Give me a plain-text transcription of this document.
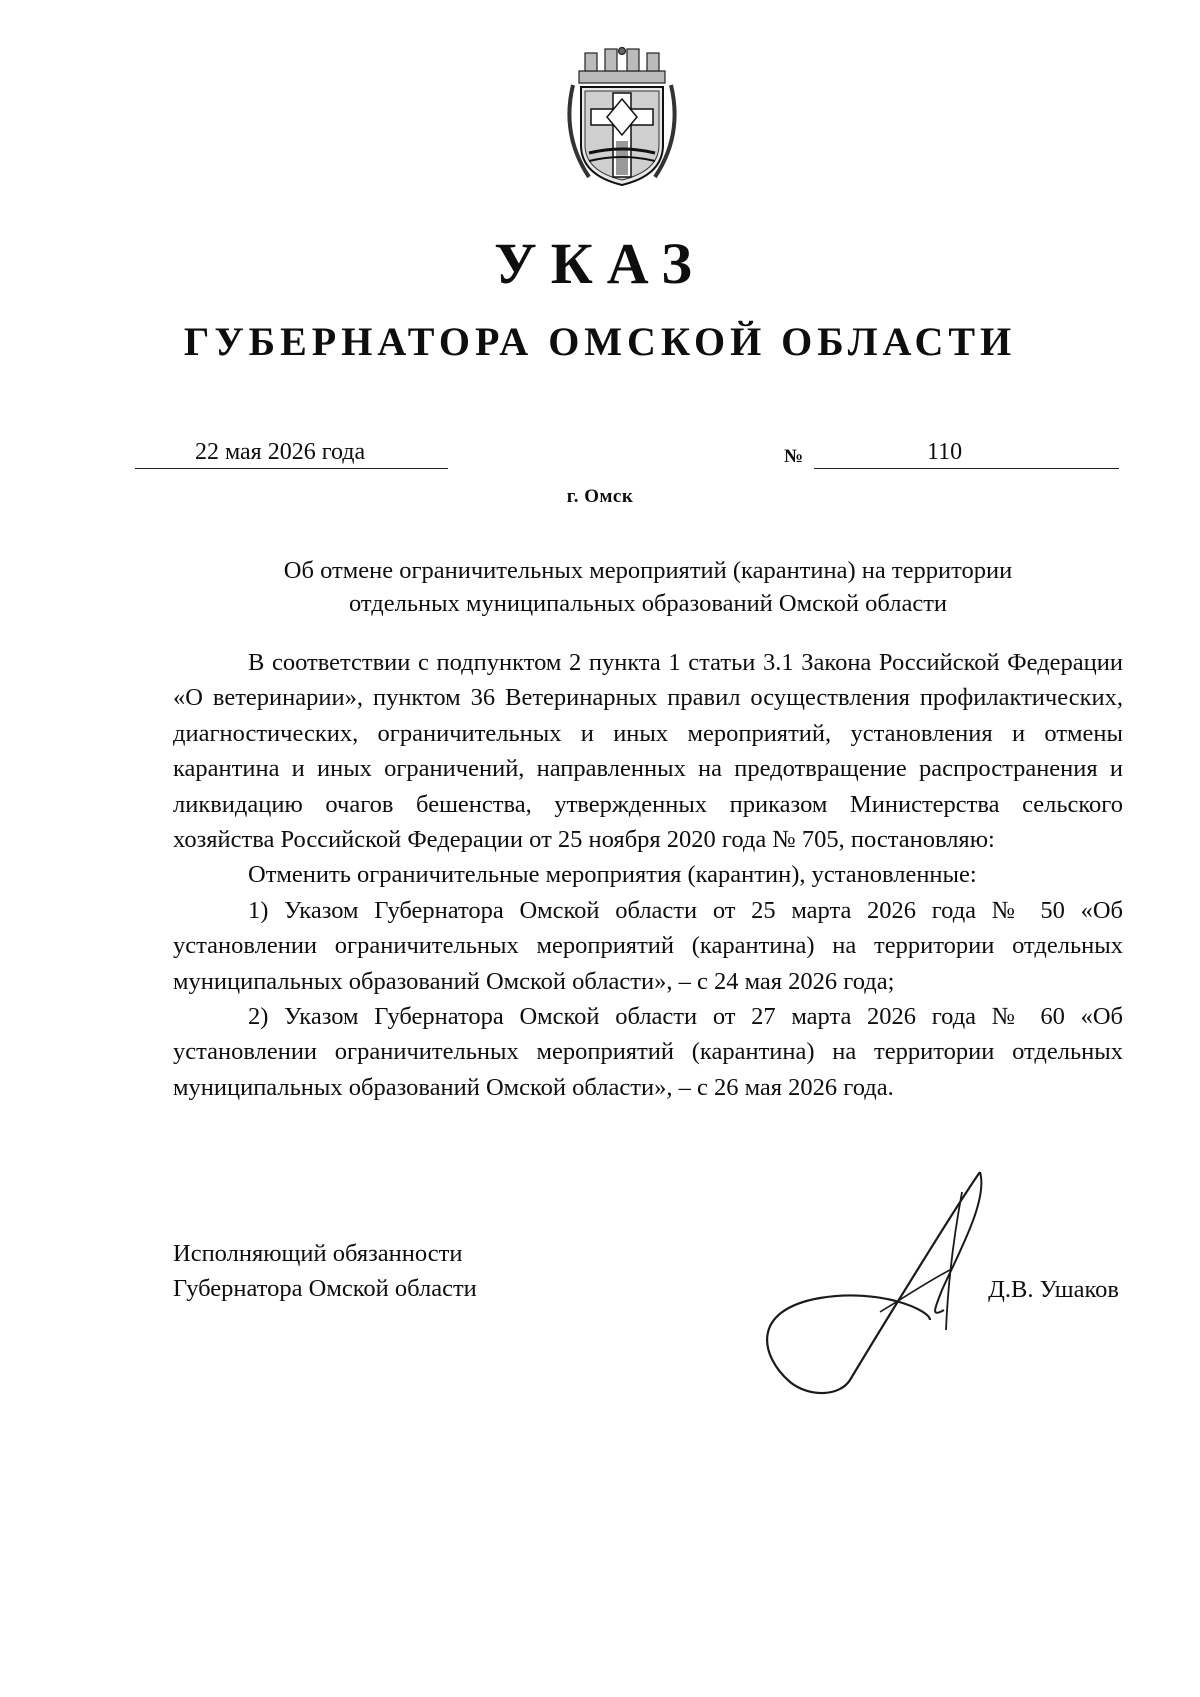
УКАЗ
ГУБЕРНАТОРА ОМСКОЙ ОБЛАСТИ
22 мая 2026 года	№	110
г. Омск
Об отмене ограничительных мероприятий (карантина) на территории
отдельных муниципальных образований Омской области

В соответствии с подпунктом 2 пункта 1 статьи 3.1 Закона Российской Федерации «О ветеринарии», пунктом 36 Ветеринарных правил осуществления профилактических, диагностических, ограничительных и иных мероприятий, установления и отмены карантина и иных ограничений, направленных на предотвращение распространения и ликвидацию очагов бешенства, утвержденных приказом Министерства сельского хозяйства Российской Федерации от 25 ноября 2020 года № 705, постановляю:

Отменить ограничительные мероприятия (карантин), установленные:

1) Указом Губернатора Омской области от 25 марта 2026 года № 50 «Об установлении ограничительных мероприятий (карантина) на территории отдельных муниципальных образований Омской области», – с 24 мая 2026 года;

2) Указом Губернатора Омской области от 27 марта 2026 года № 60 «Об установлении ограничительных мероприятий (карантина) на территории отдельных муниципальных образований Омской области», – с 26 мая 2026 года.

Исполняющий обязанности
Губернатора Омской области	Д.В. Ушаков
